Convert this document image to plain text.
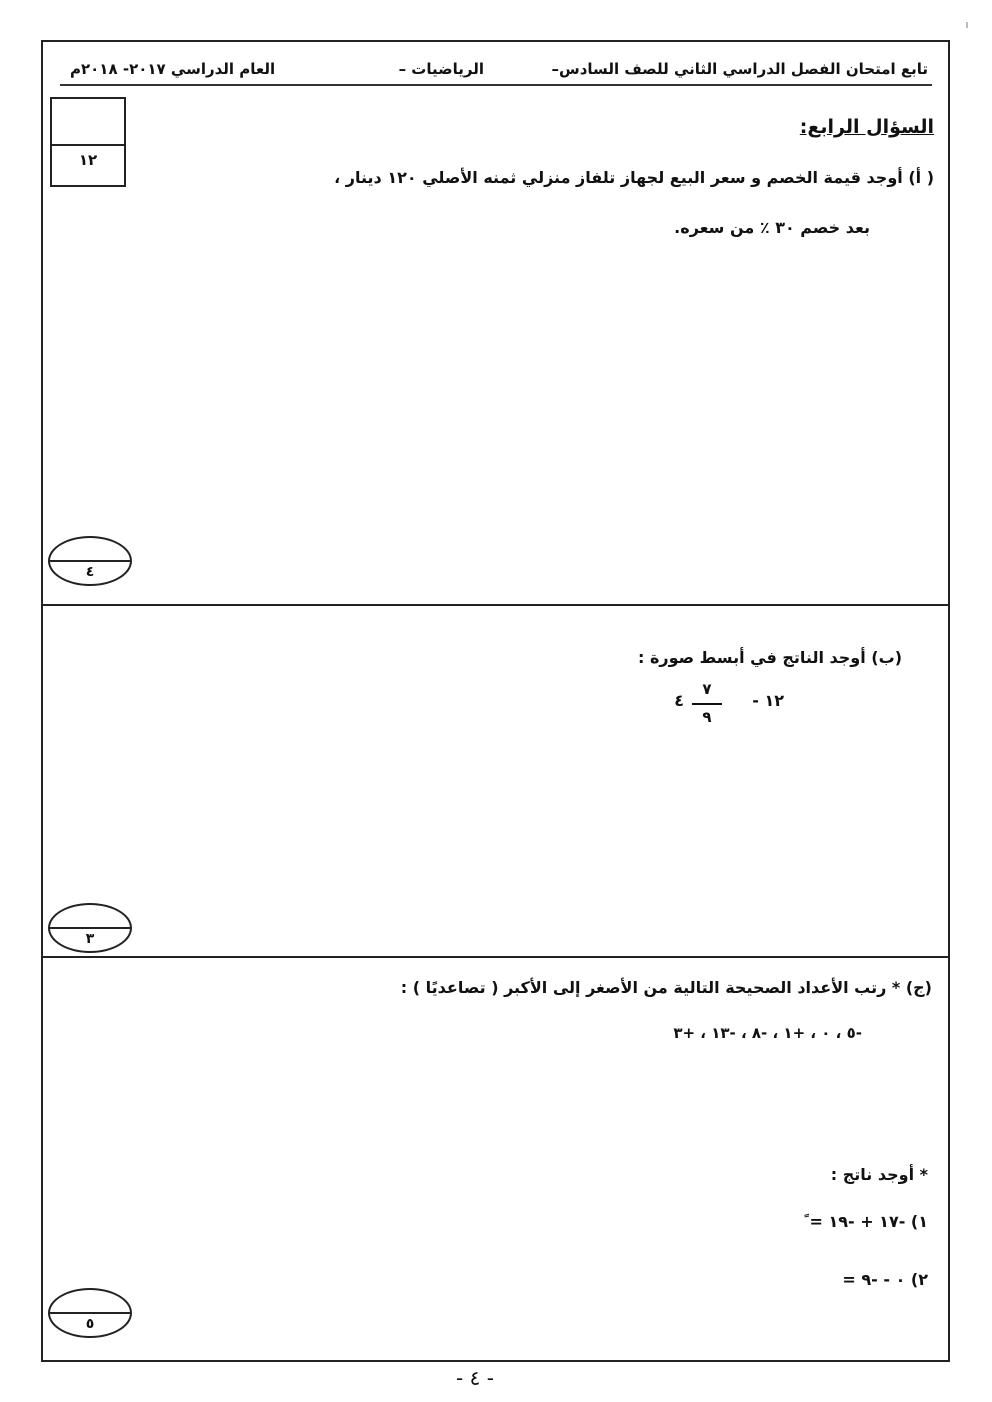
تابع امتحان الفصل الدراسي الثاني للصف السادس–
الرياضيات –
العام الدراسي ٢٠١٧- ٢٠١٨م
١٢
السؤال الرابع:
( أ) أوجد قيمة الخصم و سعر البيع لجهاز تلفاز منزلي ثمنه الأصلي ١٢٠ دينار ،
بعد خصم ٣٠ ٪ من سعره.
٤
(ب) أوجد الناتج في أبسط صورة :
١٢ -
٧
٩
٤
٣
(ج) * رتب الأعداد الصحيحة التالية من الأصغر إلى الأكبر ( تصاعديًا ) :
-٥ ، ٠ ، +١ ، -٨ ، -١٣ ، +٣
* أوجد ناتج :
١) -١٧ + -١٩ = ً
٢) ٠ - -٩ =
٥
- ٤ -
